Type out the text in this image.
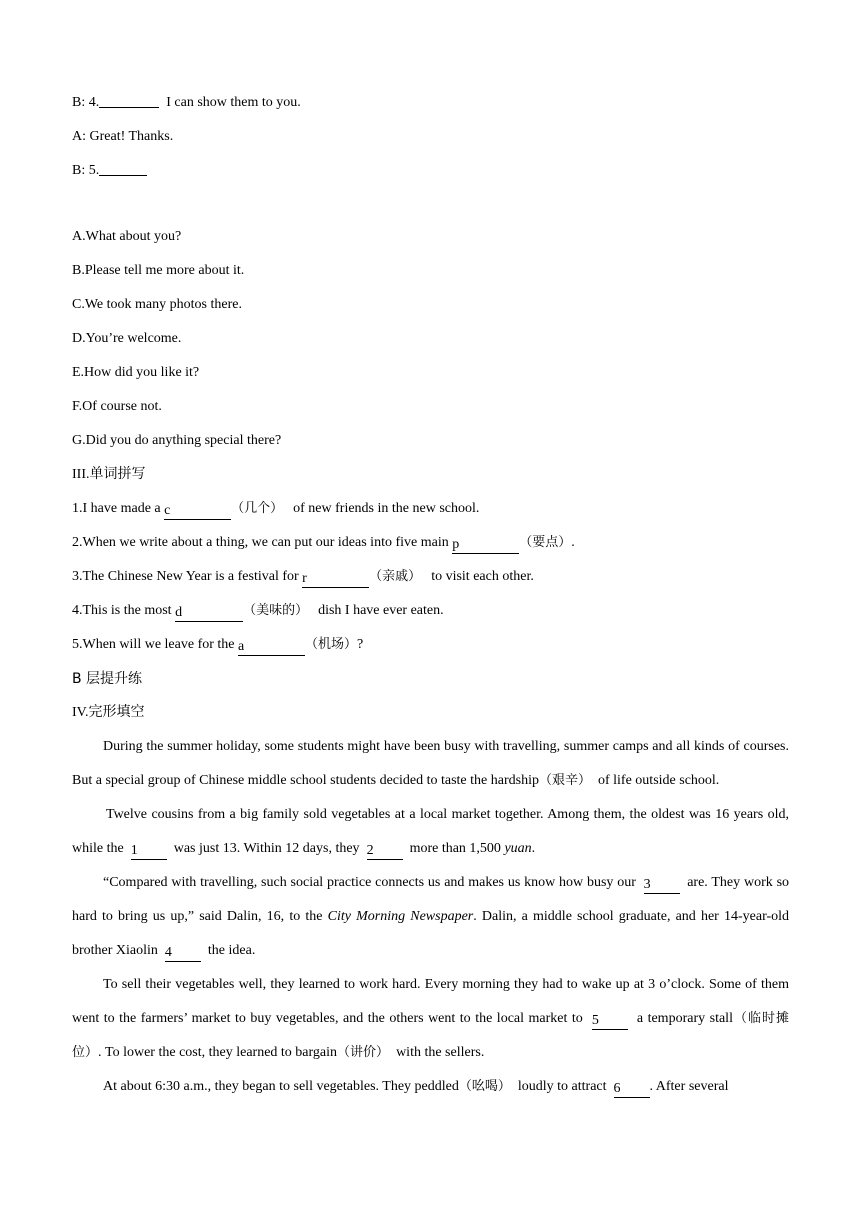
B: 4.	I can show them to you.
A: Great! Thanks.
B: 5.
A.What about you?
B.Please tell me more about it.
C.We took many photos there.
D.You’re welcome.
E.How did you like it?
F.Of course not.
G.Did you do anything special there?
III.单词拼写
1.I have made a c	（几个） of new friends in the new school.
2.When we write about a thing, we can put our ideas into five main p	（要点）.
3.The Chinese New Year is a festival for r	（亲戚） to visit each other.
4.This is the most d	（美味的） dish I have ever eaten.
5.When will we leave for the a	（机场）?
B 层提升练
IV.完形填空

During the summer holiday, some students might have been busy with travelling, summer camps and all kinds of courses. But a special group of Chinese middle school students decided to taste the hardship（艰辛） of life outside school.

Twelve cousins from a big family sold vegetables at a local market together. Among them, the oldest was 16 years old, while the 1	was just 13. Within 12 days, they 2	more than 1,500 yuan.

“Compared with travelling, such social practice connects us and makes us know how busy our 3	are. They work so hard to bring us up,” said Dalin, 16, to the City Morning Newspaper. Dalin, a middle school graduate, and her 14-year-old brother Xiaolin 4	the idea.

To sell their vegetables well, they learned to work hard. Every morning they had to wake up at 3 o’clock. Some of them went to the farmers’ market to buy vegetables, and the others went to the local market to 5	a temporary stall（临时摊位）. To lower the cost, they learned to bargain（讲价） with the sellers.

At about 6:30 a.m., they began to sell vegetables. They peddled（吆喝） loudly to attract 6 . After several
